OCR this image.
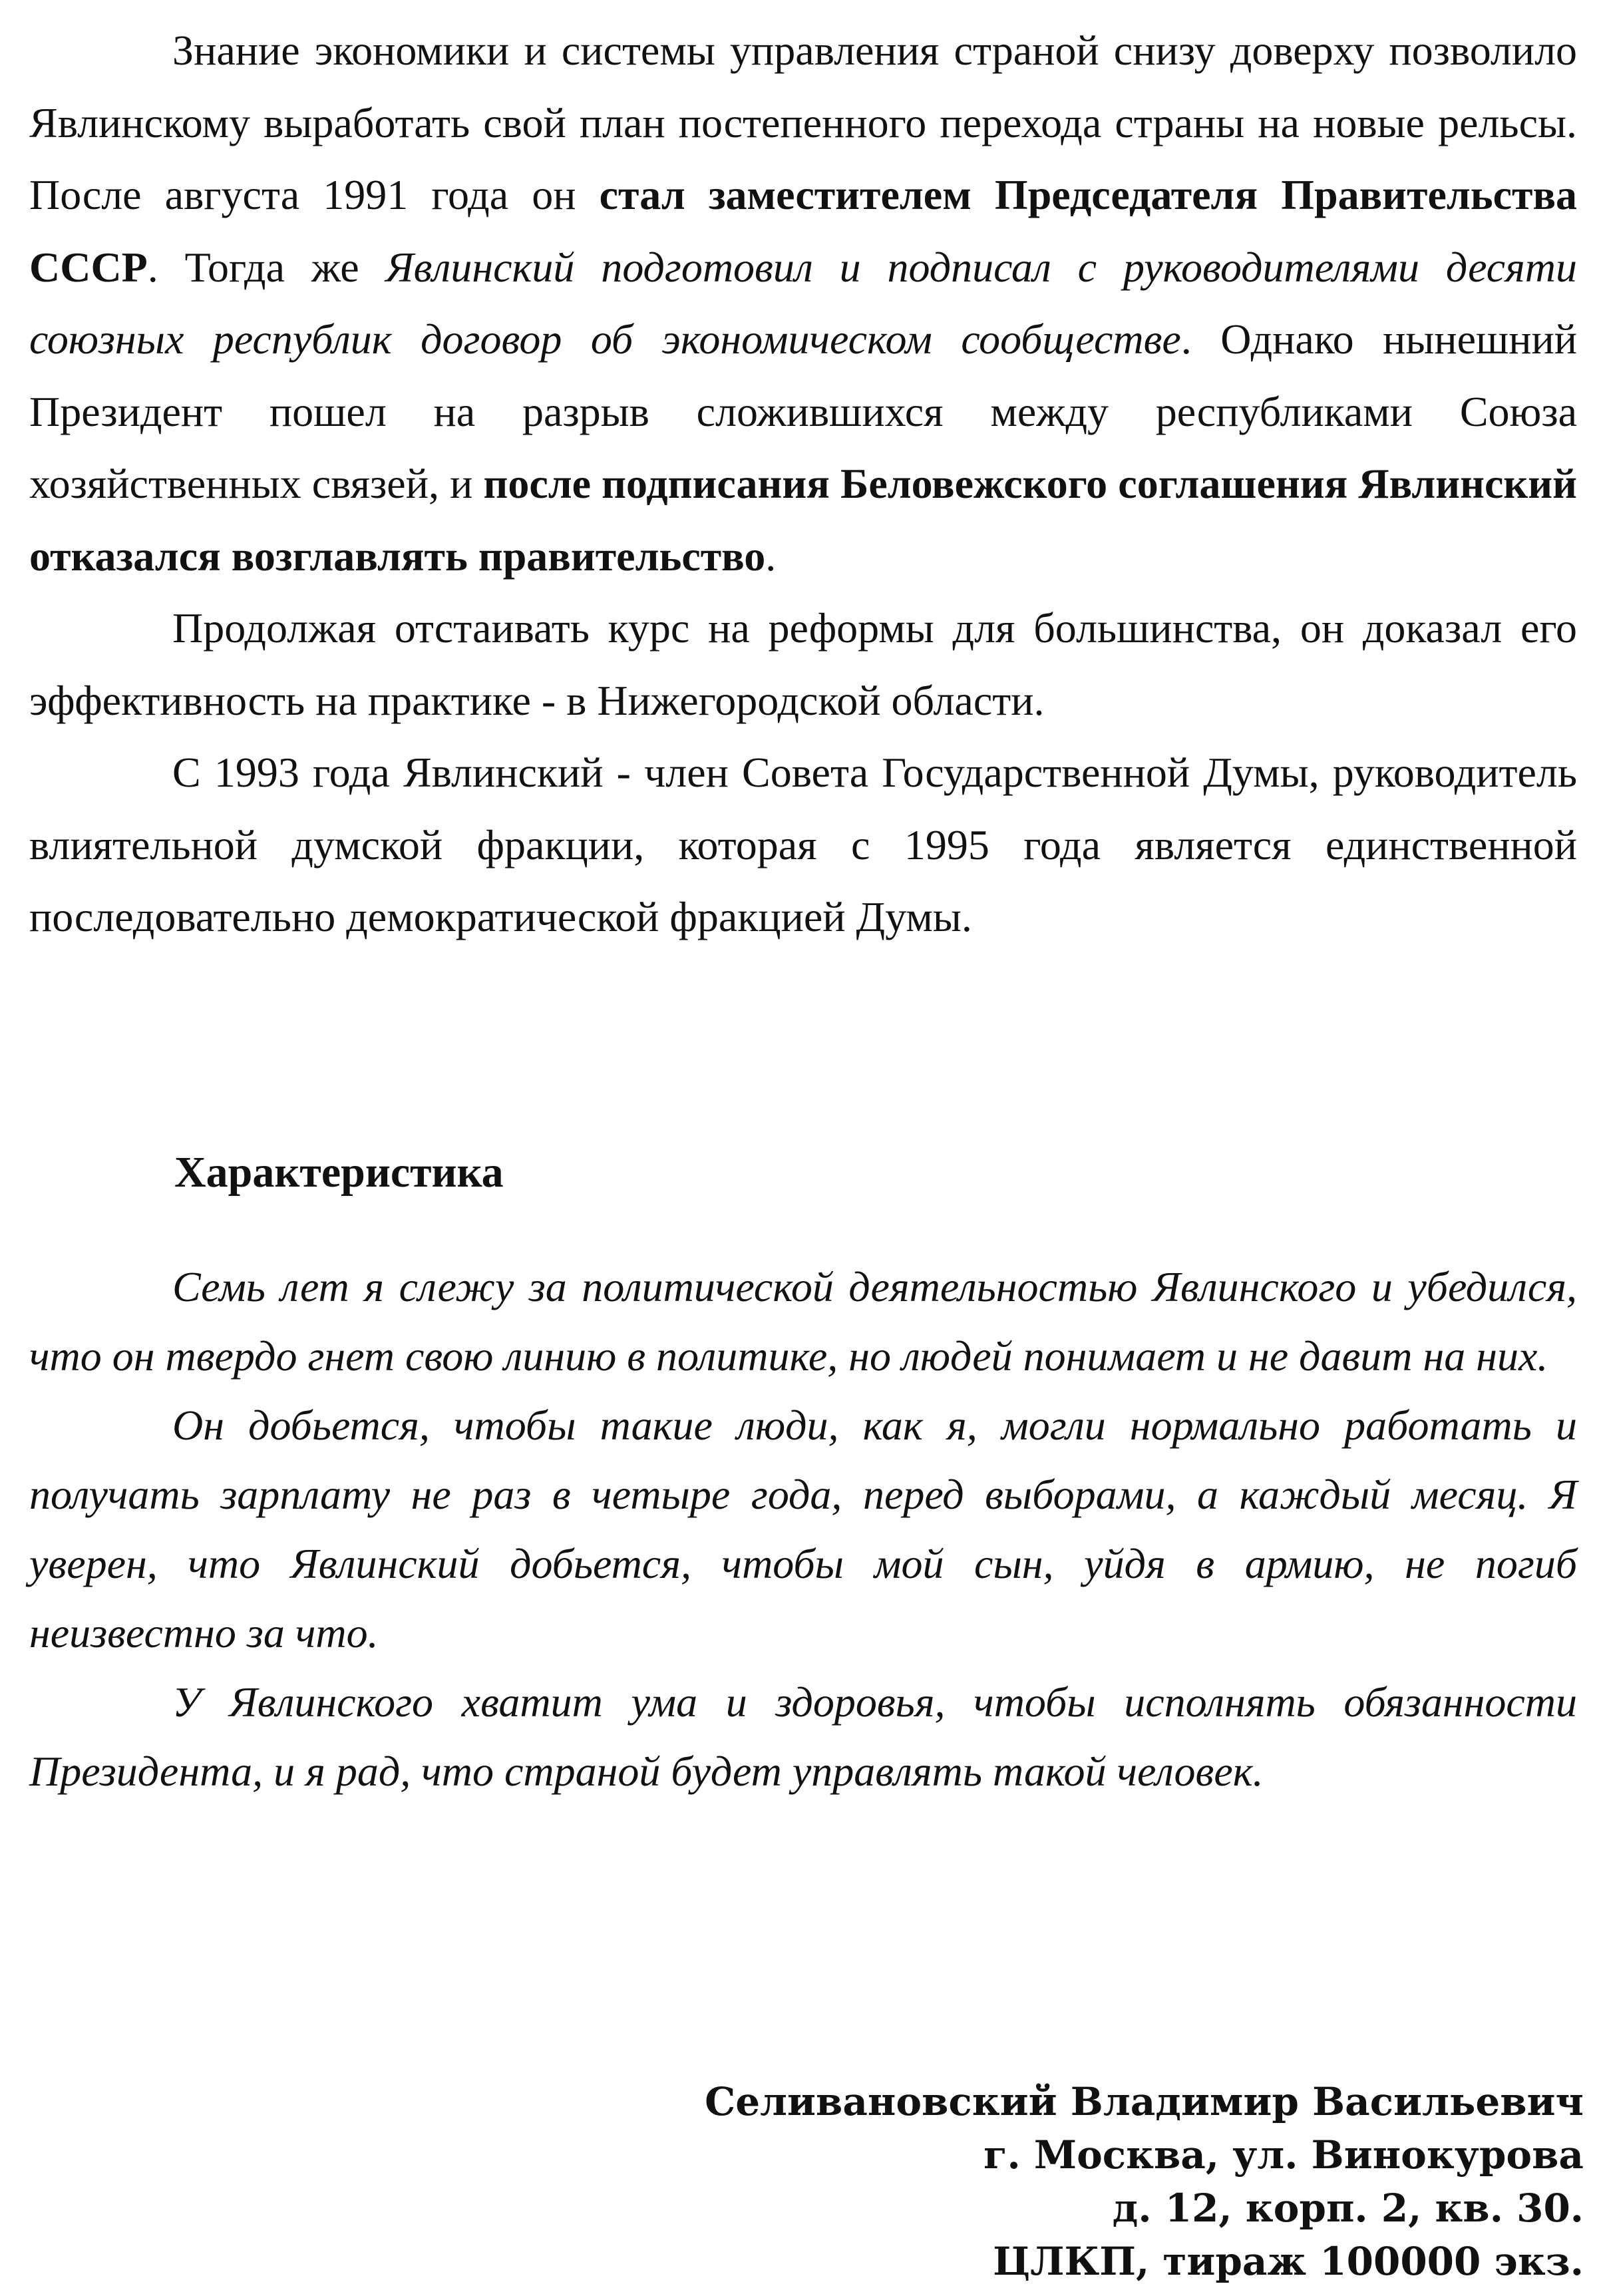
Знание экономики и системы управления страной снизу доверху позволило Явлинскому выработать свой план постепенного перехода страны на новые рельсы. После августа 1991 года он стал заместителем Председателя Правительства СССР. Тогда же Явлинский подготовил и подписал с руководителями десяти союзных республик договор об экономическом сообществе. Однако нынешний Президент пошел на разрыв сложившихся между республиками Союза хозяйственных связей, и после подписания Беловежского соглашения Явлинский отказался возглавлять правительство.

Продолжая отстаивать курс на реформы для большинства, он доказал его эффективность на практике - в Нижегородской области.

С 1993 года Явлинский - член Совета Государственной Думы, руководитель влиятельной думской фракции, которая с 1995 года является единственной последовательно демократической фракцией Думы.

Характеристика

Семь лет я слежу за политической деятельностью Явлинского и убедился, что он твердо гнет свою линию в политике, но людей понимает и не давит на них.

Он добьется, чтобы такие люди, как я, могли нормально работать и получать зарплату не раз в четыре года, перед выборами, а каждый месяц. Я уверен, что Явлинский добьется, чтобы мой сын, уйдя в армию, не погиб неизвестно за что.

У Явлинского хватит ума и здоровья, чтобы исполнять обязанности Президента, и я рад, что страной будет управлять такой человек.

Селивановский Владимир Васильевич
г. Москва, ул. Винокурова
д. 12, корп. 2, кв. 30.
ЦЛКП, тираж 100000 экз.
